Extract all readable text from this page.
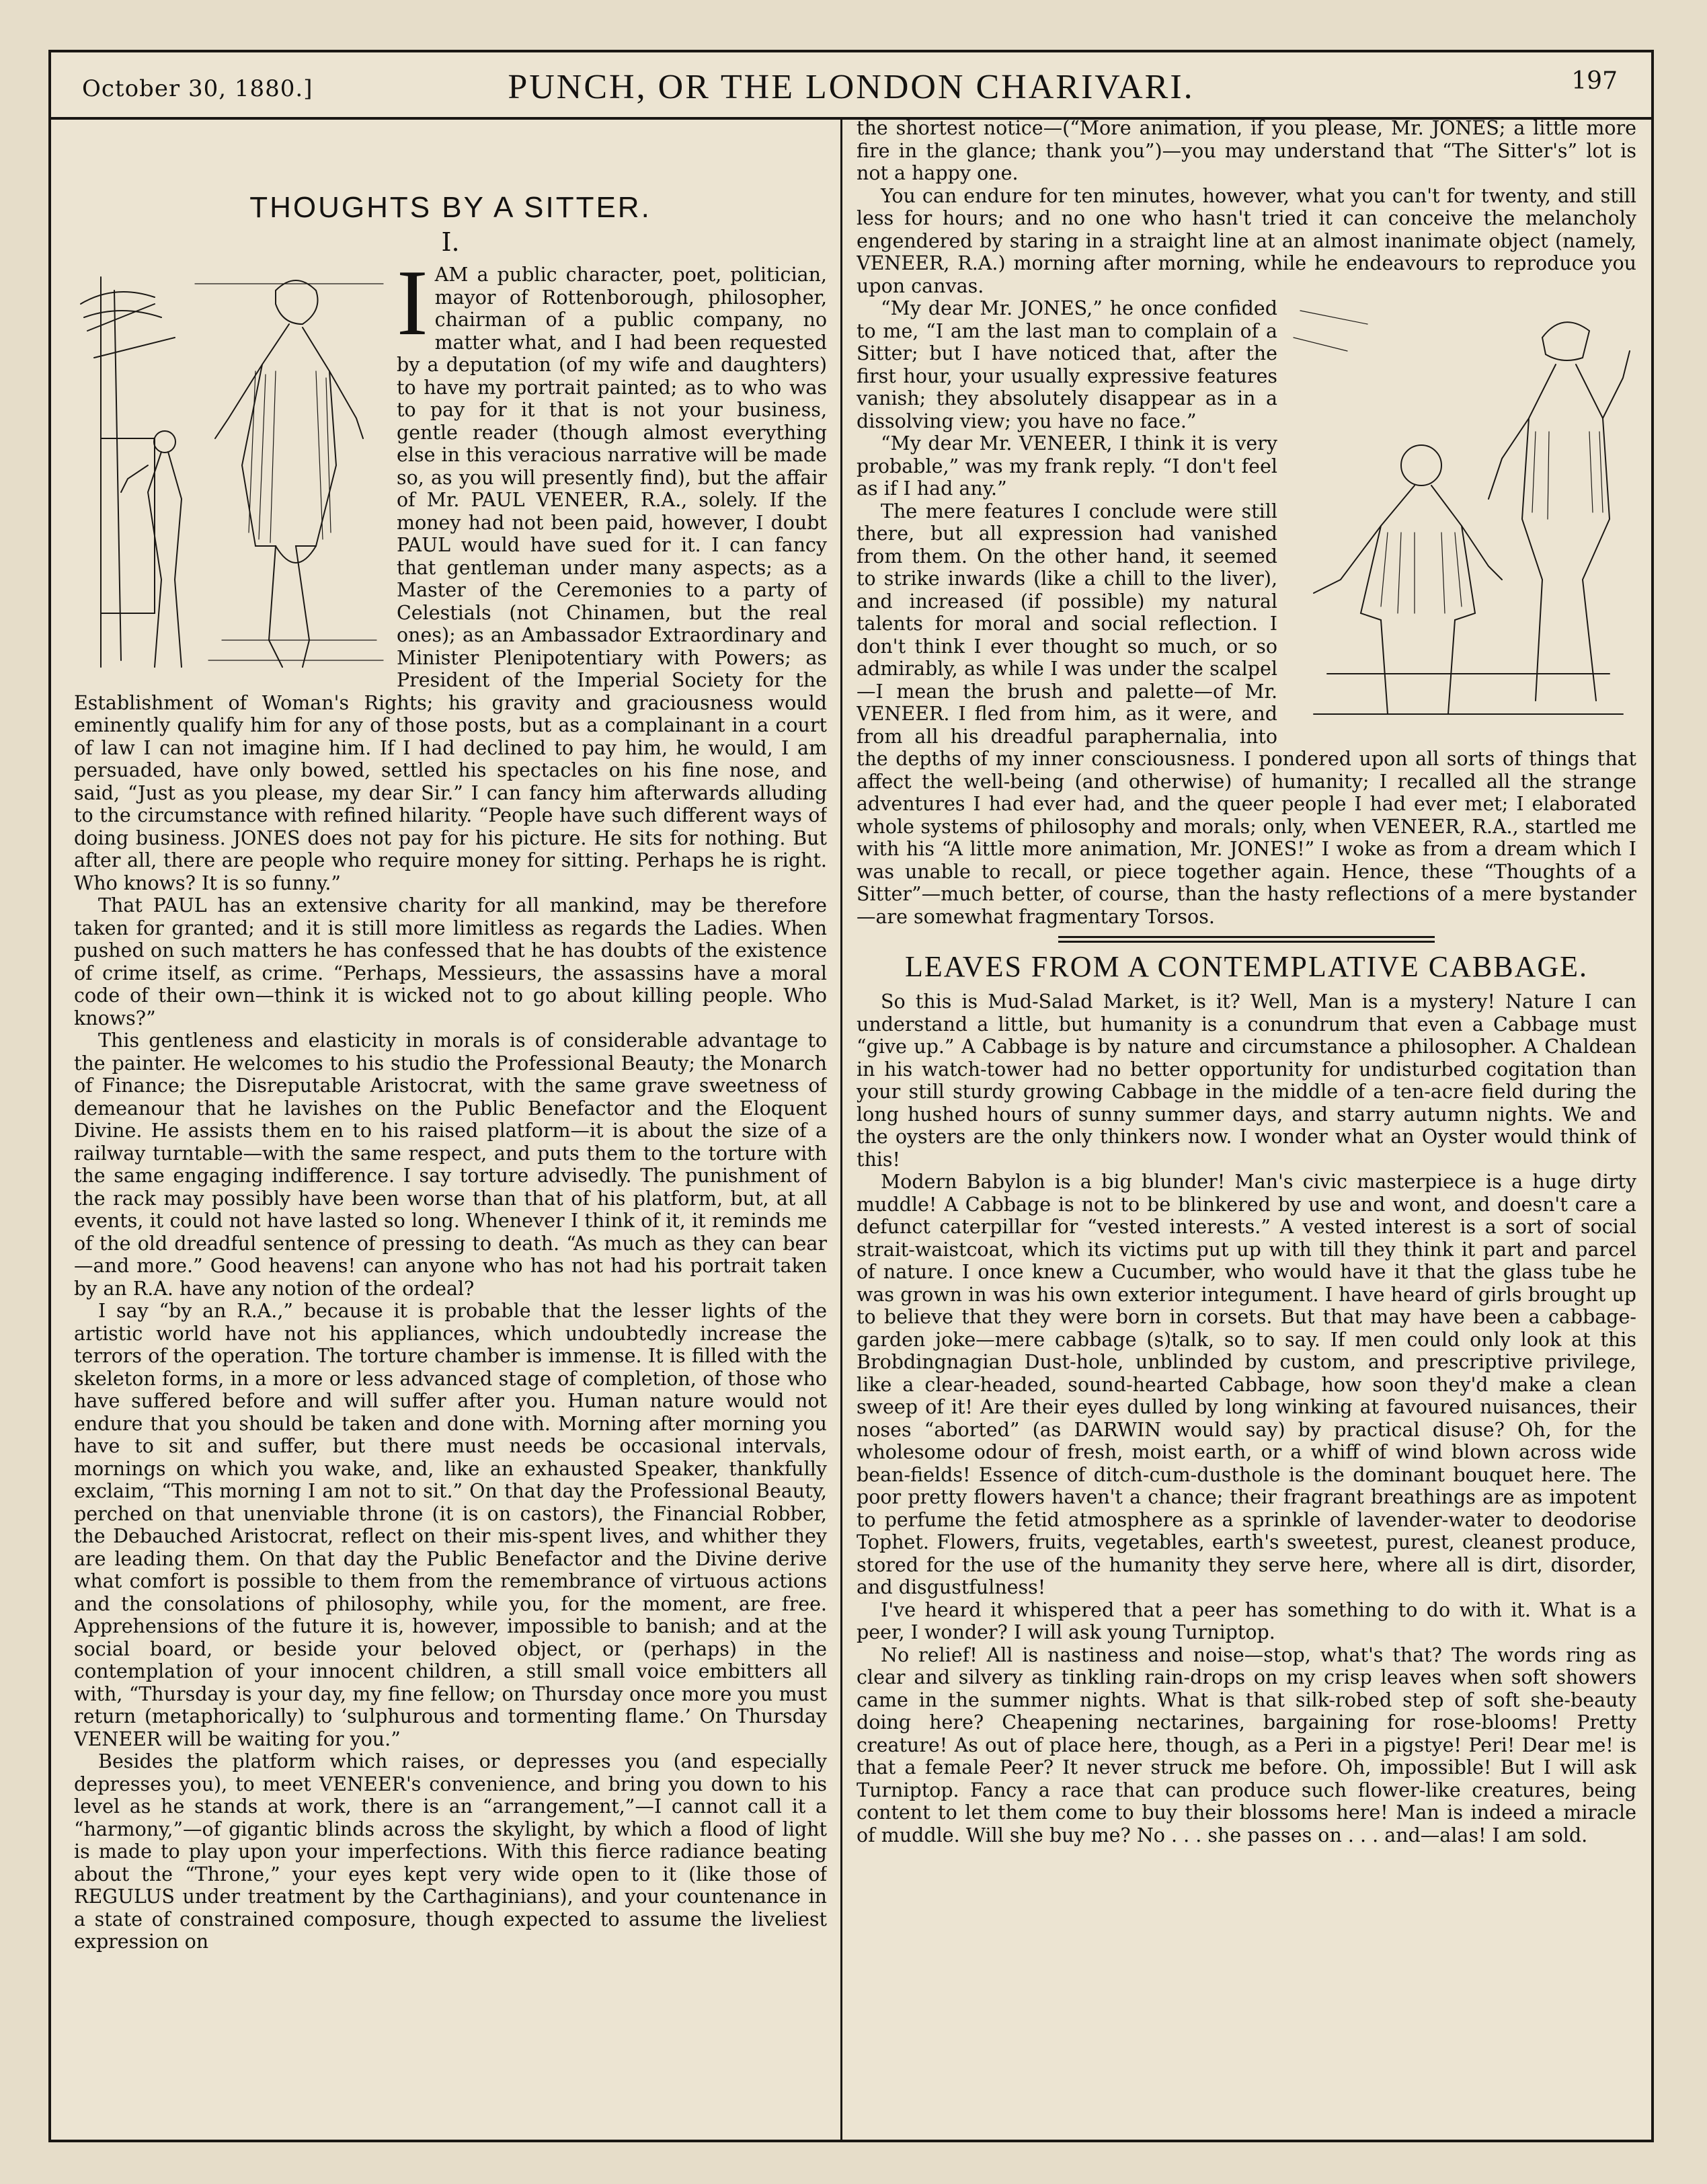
October 30, 1880.]	PUNCH, OR THE LONDON CHARIVARI.	197
THOUGHTS BY A SITTER.
I.
I AM a public character, poet, politician, mayor of Rottenborough, philosopher, chairman of a public company, no matter what, and I had been requested by a deputation (of my wife and daughters) to have my portrait painted; as to who was to pay for it that is not your business, gentle reader (though almost everything else in this veracious narrative will be made so, as you will presently find), but the affair of Mr. PAUL VENEER, R.A., solely. If the money had not been paid, however, I doubt PAUL would have sued for it. I can fancy that gentleman under many aspects; as a Master of the Ceremonies to a party of Celestials (not Chinamen, but the real ones); as an Ambassador Extraordinary and Minister Plenipotentiary with Powers; as President of the Imperial Society for the Establishment of Woman's Rights; his gravity and graciousness would eminently qualify him for any of those posts, but as a complainant in a court of law I can not imagine him. If I had declined to pay him, he would, I am persuaded, have only bowed, settled his spectacles on his fine nose, and said, “Just as you please, my dear Sir.” I can fancy him afterwards alluding to the circumstance with refined hilarity. “People have such different ways of doing business. JONES does not pay for his picture. He sits for nothing. But after all, there are people who require money for sitting. Perhaps he is right. Who knows? It is so funny.”

That PAUL has an extensive charity for all mankind, may be therefore taken for granted; and it is still more limitless as regards the Ladies. When pushed on such matters he has confessed that he has doubts of the existence of crime itself, as crime. “Perhaps, Messieurs, the assassins have a moral code of their own—think it is wicked not to go about killing people. Who knows?”

This gentleness and elasticity in morals is of considerable advantage to the painter. He welcomes to his studio the Professional Beauty; the Monarch of Finance; the Disreputable Aristocrat, with the same grave sweetness of demeanour that he lavishes on the Public Benefactor and the Eloquent Divine. He assists them en to his raised platform—it is about the size of a railway turntable—with the same respect, and puts them to the torture with the same engaging indifference. I say torture advisedly. The punishment of the rack may possibly have been worse than that of his platform, but, at all events, it could not have lasted so long. Whenever I think of it, it reminds me of the old dreadful sentence of pressing to death. “As much as they can bear—and more.” Good heavens! can anyone who has not had his portrait taken by an R.A. have any notion of the ordeal?

I say “by an R.A.,” because it is probable that the lesser lights of the artistic world have not his appliances, which undoubtedly increase the terrors of the operation. The torture chamber is immense. It is filled with the skeleton forms, in a more or less advanced stage of completion, of those who have suffered before and will suffer after you. Human nature would not endure that you should be taken and done with. Morning after morning you have to sit and suffer, but there must needs be occasional intervals, mornings on which you wake, and, like an exhausted Speaker, thankfully exclaim, “This morning I am not to sit.” On that day the Professional Beauty, perched on that unenviable throne (it is on castors), the Financial Robber, the Debauched Aristocrat, reflect on their mis-spent lives, and whither they are leading them. On that day the Public Benefactor and the Divine derive what comfort is possible to them from the remembrance of virtuous actions and the consolations of philosophy, while you, for the moment, are free. Apprehensions of the future it is, however, impossible to banish; and at the social board, or beside your beloved object, or (perhaps) in the contemplation of your innocent children, a still small voice embitters all with, “Thursday is your day, my fine fellow; on Thursday once more you must return (metaphorically) to ‘sulphurous and tormenting flame.’ On Thursday VENEER will be waiting for you.”

Besides the platform which raises, or depresses you (and especially depresses you), to meet VENEER's convenience, and bring you down to his level as he stands at work, there is an “arrangement,”—I cannot call it a “harmony,”—of gigantic blinds across the skylight, by which a flood of light is made to play upon your imperfections. With this fierce radiance beating about the “Throne,” your eyes kept very wide open to it (like those of REGULUS under treatment by the Carthaginians), and your countenance in a state of constrained composure, though expected to assume the liveliest expression on

the shortest notice—(“More animation, if you please, Mr. JONES; a little more fire in the glance; thank you”)—you may understand that “The Sitter's” lot is not a happy one.

You can endure for ten minutes, however, what you can't for twenty, and still less for hours; and no one who hasn't tried it can conceive the melancholy engendered by staring in a straight line at an almost inanimate object (namely, VENEER, R.A.) morning after morning, while he endeavours to reproduce you upon canvas.

“My dear Mr. JONES,” he once confided to me, “I am the last man to complain of a Sitter; but I have noticed that, after the first hour, your usually expressive features vanish; they absolutely disappear as in a dissolving view; you have no face.”

“My dear Mr. VENEER, I think it is very probable,” was my frank reply. “I don't feel as if I had any.”

The mere features I conclude were still there, but all expression had vanished from them. On the other hand, it seemed to strike inwards (like a chill to the liver), and increased (if possible) my natural talents for moral and social reflection. I don't think I ever thought so much, or so admirably, as while I was under the scalpel—I mean the brush and palette—of Mr. VENEER. I fled from him, as it were, and from all his dreadful paraphernalia, into the depths of my inner consciousness. I pondered upon all sorts of things that affect the well-being (and otherwise) of humanity; I recalled all the strange adventures I had ever had, and the queer people I had ever met; I elaborated whole systems of philosophy and morals; only, when VENEER, R.A., startled me with his “A little more animation, Mr. JONES!” I woke as from a dream which I was unable to recall, or piece together again. Hence, these “Thoughts of a Sitter”—much better, of course, than the hasty reflections of a mere bystander—are somewhat fragmentary Torsos.

LEAVES FROM A CONTEMPLATIVE CABBAGE.

So this is Mud-Salad Market, is it? Well, Man is a mystery! Nature I can understand a little, but humanity is a conundrum that even a Cabbage must “give up.” A Cabbage is by nature and circumstance a philosopher. A Chaldean in his watch-tower had no better opportunity for undisturbed cogitation than your still sturdy growing Cabbage in the middle of a ten-acre field during the long hushed hours of sunny summer days, and starry autumn nights. We and the oysters are the only thinkers now. I wonder what an Oyster would think of this!

Modern Babylon is a big blunder! Man's civic masterpiece is a huge dirty muddle! A Cabbage is not to be blinkered by use and wont, and doesn't care a defunct caterpillar for “vested interests.” A vested interest is a sort of social strait-waistcoat, which its victims put up with till they think it part and parcel of nature. I once knew a Cucumber, who would have it that the glass tube he was grown in was his own exterior integument. I have heard of girls brought up to believe that they were born in corsets. But that may have been a cabbage-garden joke—mere cabbage (s)talk, so to say. If men could only look at this Brobdingnagian Dust-hole, unblinded by custom, and prescriptive privilege, like a clear-headed, sound-hearted Cabbage, how soon they'd make a clean sweep of it! Are their eyes dulled by long winking at favoured nuisances, their noses “aborted” (as DARWIN would say) by practical disuse? Oh, for the wholesome odour of fresh, moist earth, or a whiff of wind blown across wide bean-fields! Essence of ditch-cum-dusthole is the dominant bouquet here. The poor pretty flowers haven't a chance; their fragrant breathings are as impotent to perfume the fetid atmosphere as a sprinkle of lavender-water to deodorise Tophet. Flowers, fruits, vegetables, earth's sweetest, purest, cleanest produce, stored for the use of the humanity they serve here, where all is dirt, disorder, and disgustfulness!

I've heard it whispered that a peer has something to do with it. What is a peer, I wonder? I will ask young Turniptop.

No relief! All is nastiness and noise—stop, what's that? The words ring as clear and silvery as tinkling rain-drops on my crisp leaves when soft showers came in the summer nights. What is that silk-robed step of soft she-beauty doing here? Cheapening nectarines, bargaining for rose-blooms! Pretty creature! As out of place here, though, as a Peri in a pigstye! Peri! Dear me! is that a female Peer? It never struck me before. Oh, impossible! But I will ask Turniptop. Fancy a race that can produce such flower-like creatures, being content to let them come to buy their blossoms here! Man is indeed a miracle of muddle. Will she buy me? No . . . she passes on . . . and—alas! I am sold.
